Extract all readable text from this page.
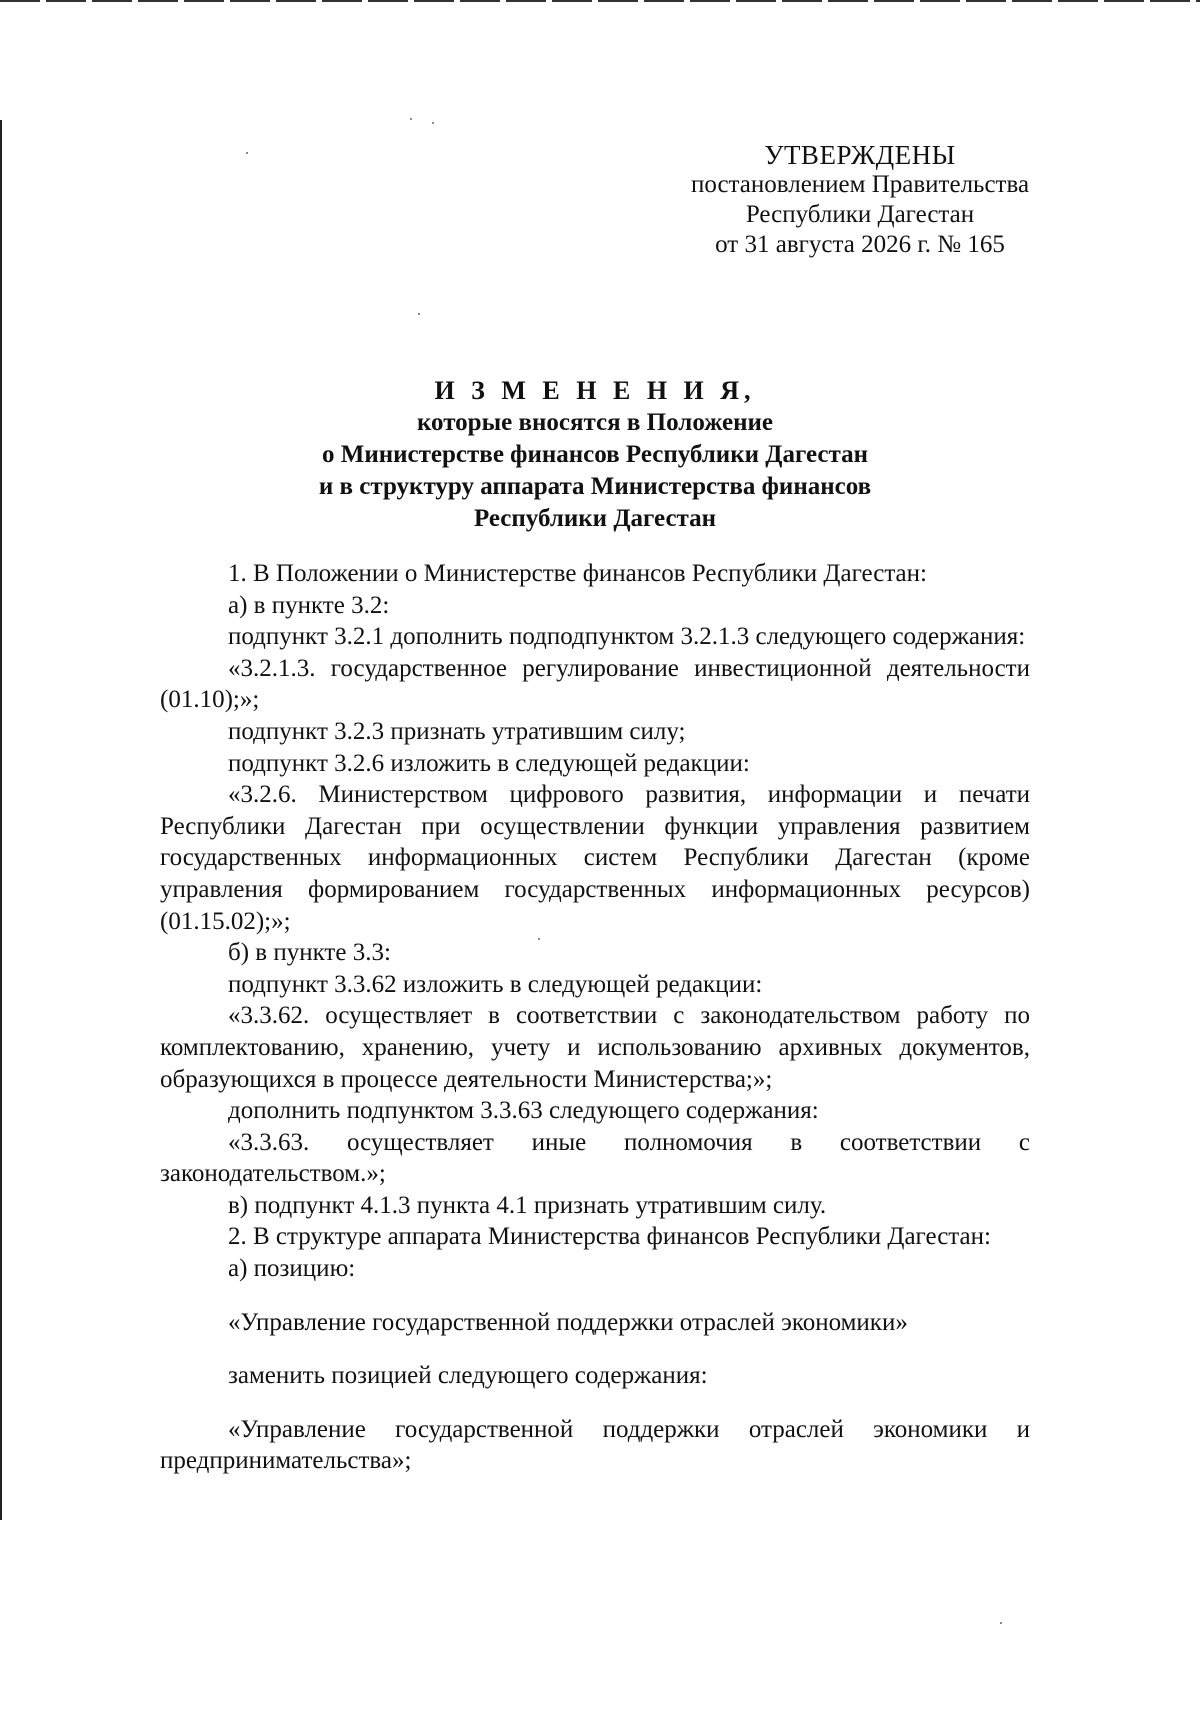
УТВЕРЖДЕНЫ
постановлением Правительства
Республики Дагестан
от 31 августа 2026 г. № 165
И З М Е Н Е Н И Я,
которые вносятся в Положение
о Министерстве финансов Республики Дагестан
и в структуру аппарата Министерства финансов
Республики Дагестан

1. В Положении о Министерстве финансов Республики Дагестан:

а) в пункте 3.2:

подпункт 3.2.1 дополнить подподпунктом 3.2.1.3 следующего содержания:

«3.2.1.3. государственное регулирование инвестиционной деятельности (01.10);»;

подпункт 3.2.3 признать утратившим силу;

подпункт 3.2.6 изложить в следующей редакции:

«3.2.6. Министерством цифрового развития, информации и печати Республики Дагестан при осуществлении функции управления развитием государственных информационных систем Республики Дагестан (кроме управления формированием государственных информационных ресурсов) (01.15.02);»;

б) в пункте 3.3:

подпункт 3.3.62 изложить в следующей редакции:

«3.3.62. осуществляет в соответствии с законодательством работу по комплектованию, хранению, учету и использованию архивных документов, образующихся в процессе деятельности Министерства;»;

дополнить подпунктом 3.3.63 следующего содержания:

«3.3.63. осуществляет иные полномочия в соответствии с законодательством.»;

в) подпункт 4.1.3 пункта 4.1 признать утратившим силу.

2. В структуре аппарата Министерства финансов Республики Дагестан:

а) позицию:

«Управление государственной поддержки отраслей экономики»

заменить позицией следующего содержания:

«Управление государственной поддержки отраслей экономики и предпринимательства»;
